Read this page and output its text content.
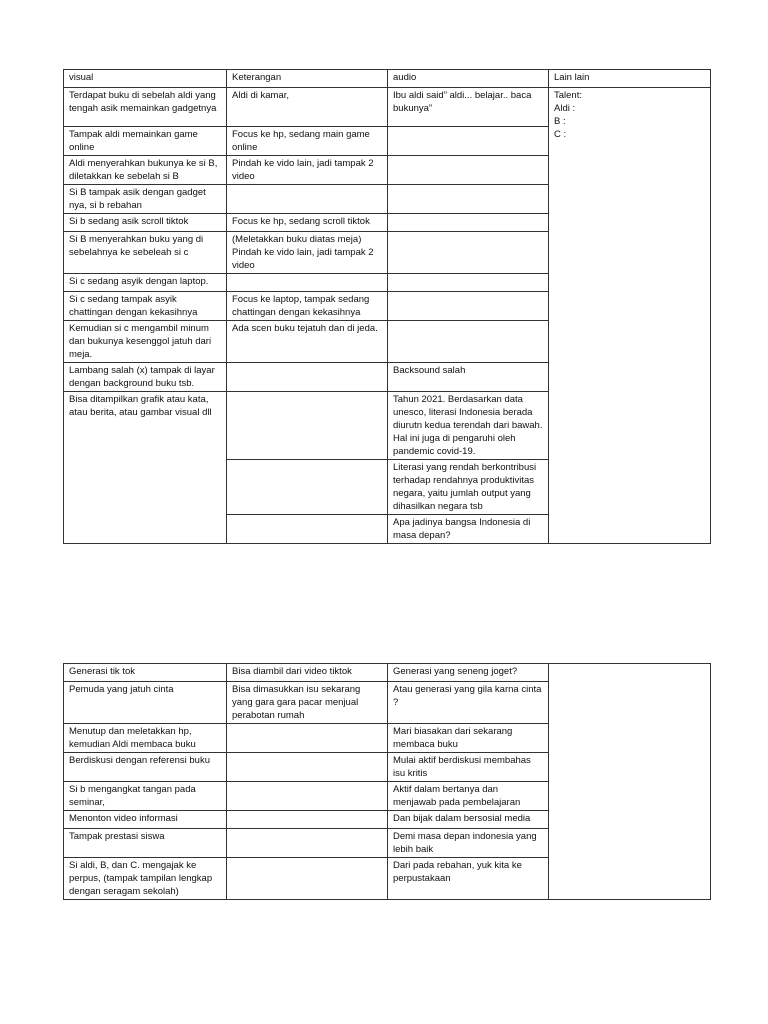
visual	Keterangan	audio	Lain lain
Terdapat buku di sebelah aldi yang tengah asik memainkan gadgetnya	Aldi di kamar,	Ibu aldi said” aldi... belajar.. baca bukunya”	Talent:
Aldi :
B :
C :

Tampak aldi memainkan game online	Focus ke hp, sedang main game online		
Aldi menyerahkan bukunya ke si B, diletakkan ke sebelah si B	Pindah ke vido lain, jadi tampak 2 video		
Si B tampak asik dengan gadget nya, si b rebahan			
Si b sedang asik scroll tiktok	Focus ke hp, sedang scroll tiktok		
Si B menyerahkan buku yang di sebelahnya ke sebeleah si c	(Meletakkan buku diatas meja) Pindah ke vido lain, jadi tampak 2 video		
Si c sedang asyik dengan laptop.			
Si c sedang tampak asyik chattingan dengan kekasihnya	Focus ke laptop, tampak sedang chattingan dengan kekasihnya		
Kemudian si c mengambil minum dan bukunya kesenggol jatuh dari meja.	Ada scen buku tejatuh dan di jeda.		
Lambang salah (x) tampak di layar dengan background buku tsb.		Backsound salah	
Bisa ditampilkan grafik atau kata, atau berita, atau gambar visual dll		Tahun 2021. Berdasarkan data unesco, literasi Indonesia berada diurutn kedua terendah dari bawah. Hal ini juga di pengaruhi oleh pandemic covid-19.	
		Literasi yang rendah berkontribusi terhadap rendahnya produktivitas negara, yaitu jumlah output yang dihasilkan negara tsb	
		Apa jadinya bangsa Indonesia di masa depan?	
Generasi tik tok	Bisa diambil dari video tiktok	Generasi yang seneng joget?	
Pemuda yang jatuh cinta	Bisa dimasukkan isu sekarang yang gara gara pacar menjual perabotan rumah	Atau generasi yang gila karna cinta ?	
Menutup dan meletakkan hp, kemudian Aldi membaca buku		Mari biasakan dari sekarang membaca buku	
Berdiskusi dengan referensi buku		Mulai aktif berdiskusi membahas isu kritis	
Si b mengangkat tangan pada seminar,		Aktif dalam bertanya dan menjawab pada pembelajaran	
Menonton video informasi		Dan bijak dalam bersosial media	
Tampak prestasi siswa		Demi masa depan indonesia yang lebih baik	
Si aldi, B, dan C. mengajak ke perpus, (tampak tampilan lengkap dengan seragam sekolah)		Dari pada rebahan, yuk kita ke perpustakaan	
